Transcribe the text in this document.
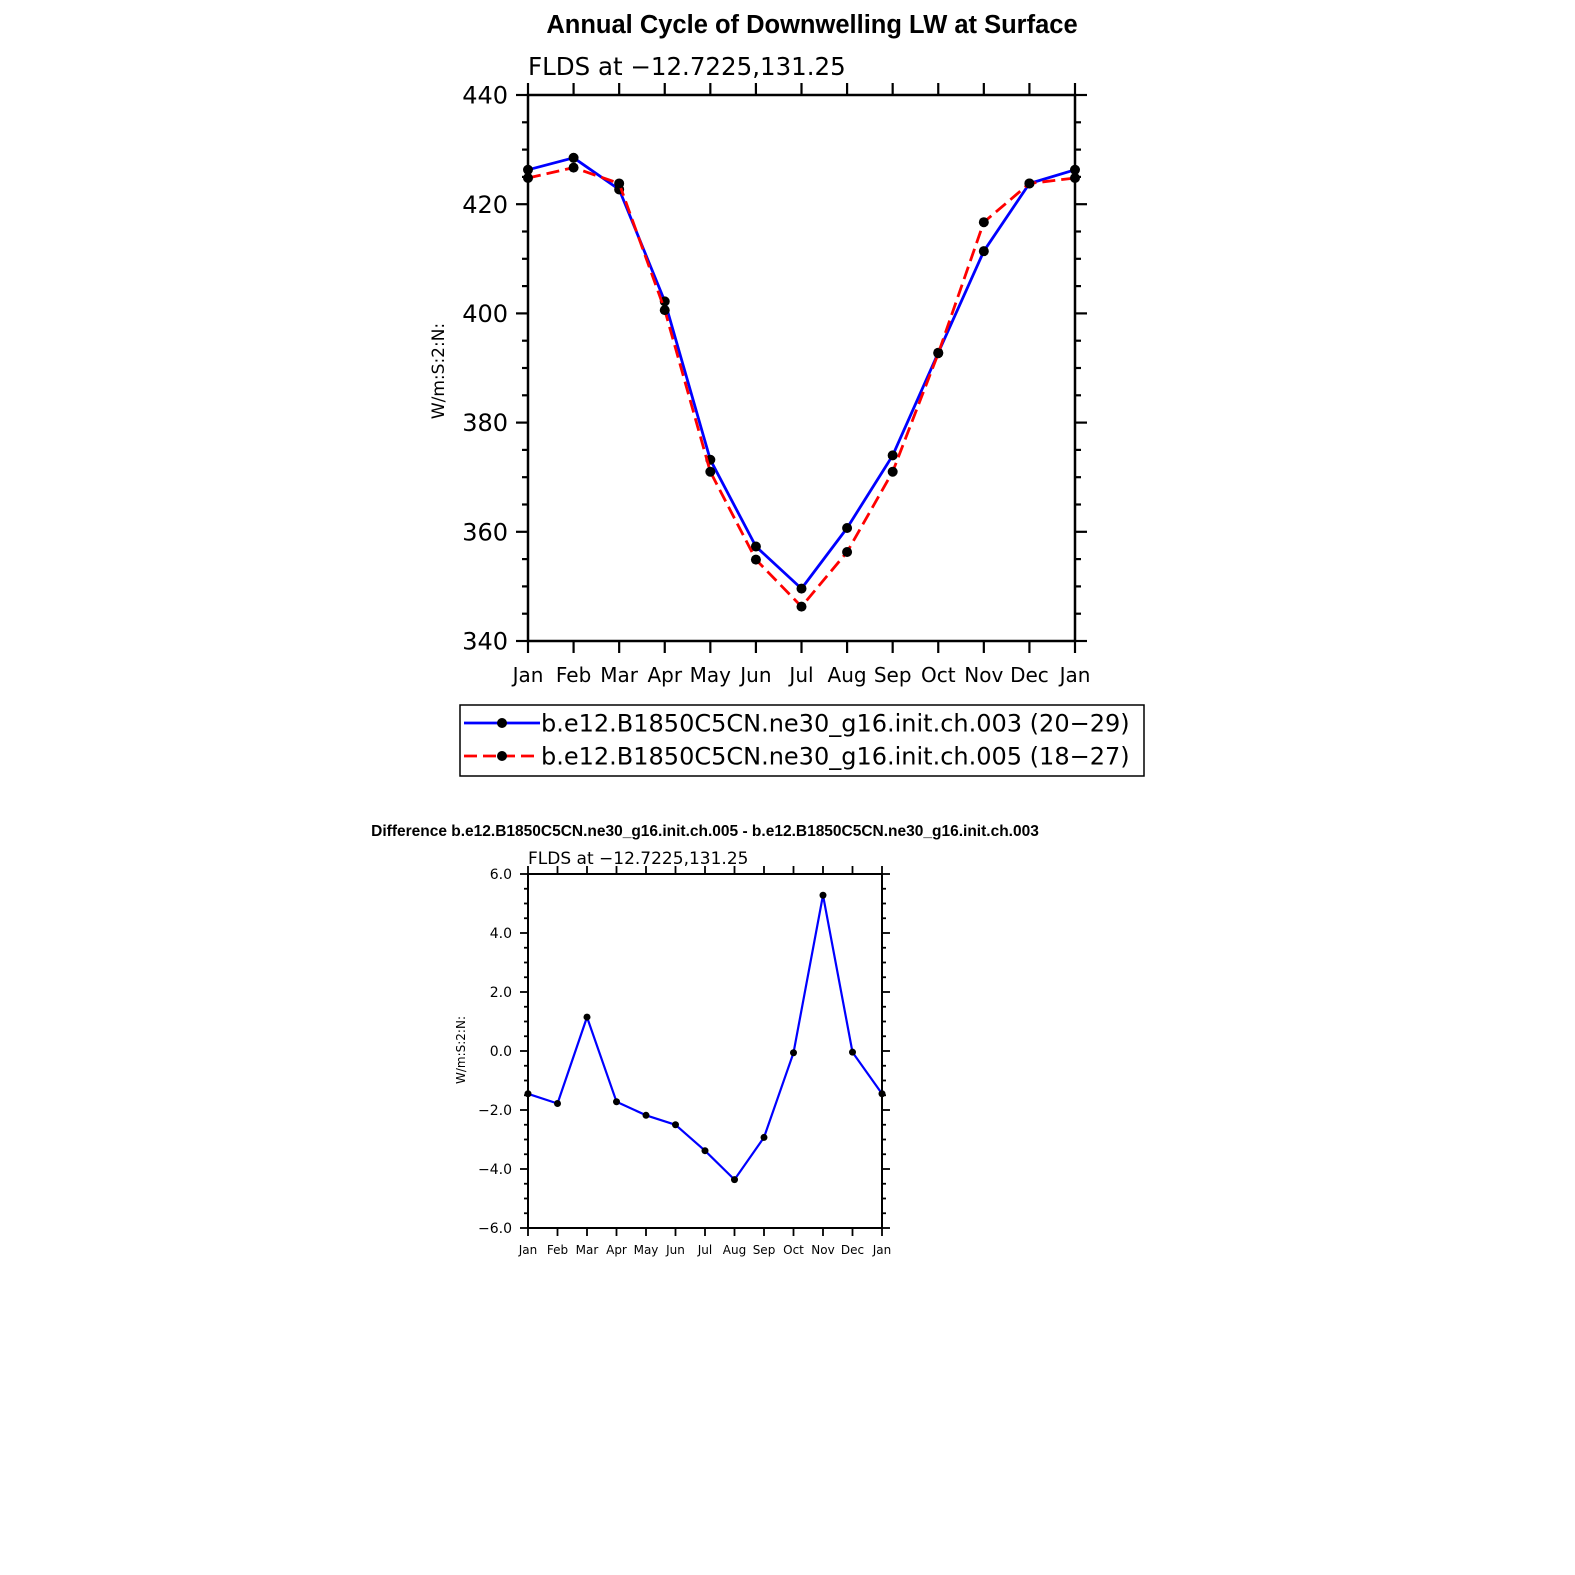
Annual Cycle of Downwelling LW at Surface
FLDS at −12.7225,131.25
W/m:S:2:N:
Jan Feb Mar Apr May Jun Jul Aug Sep Oct Nov Dec Jan
340
360
380
400
420
440
b.e12.B1850C5CN.ne30_g16.init.ch.003 (20−29)
b.e12.B1850C5CN.ne30_g16.init.ch.005 (18−27)
Difference b.e12.B1850C5CN.ne30_g16.init.ch.005 - b.e12.B1850C5CN.ne30_g16.init.ch.003
FLDS at −12.7225,131.25
W/m:S:2:N:
Jan Feb Mar Apr May Jun Jul Aug Sep Oct Nov Dec Jan
−6.0
−4.0
−2.0
0.0
2.0
4.0
6.0
